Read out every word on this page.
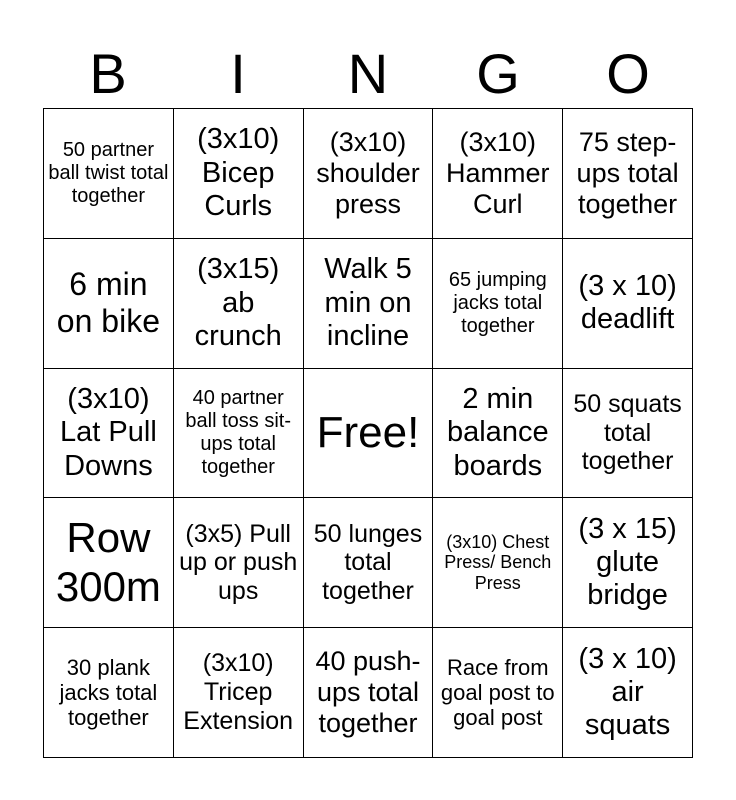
B	I	N	G	O
50 partner ball twist total together
(3x10) Bicep Curls
(3x10) shoulder press
(3x10) Hammer Curl
75 step-ups total together
6 min on bike
(3x15) ab crunch
Walk 5 min on incline
65 jumping jacks total together
(3 x 10) deadlift
(3x10) Lat Pull Downs
40 partner ball toss sit-ups total together
Free!
2 min balance boards
50 squats total together
Row 300m
(3x5) Pull up or push ups
50 lunges total together
(3x10) Chest Press/ Bench Press
(3 x 15) glute bridge
30 plank jacks total together
(3x10) Tricep Extension
40 push-ups total together
Race from goal post to goal post
(3 x 10) air squats
